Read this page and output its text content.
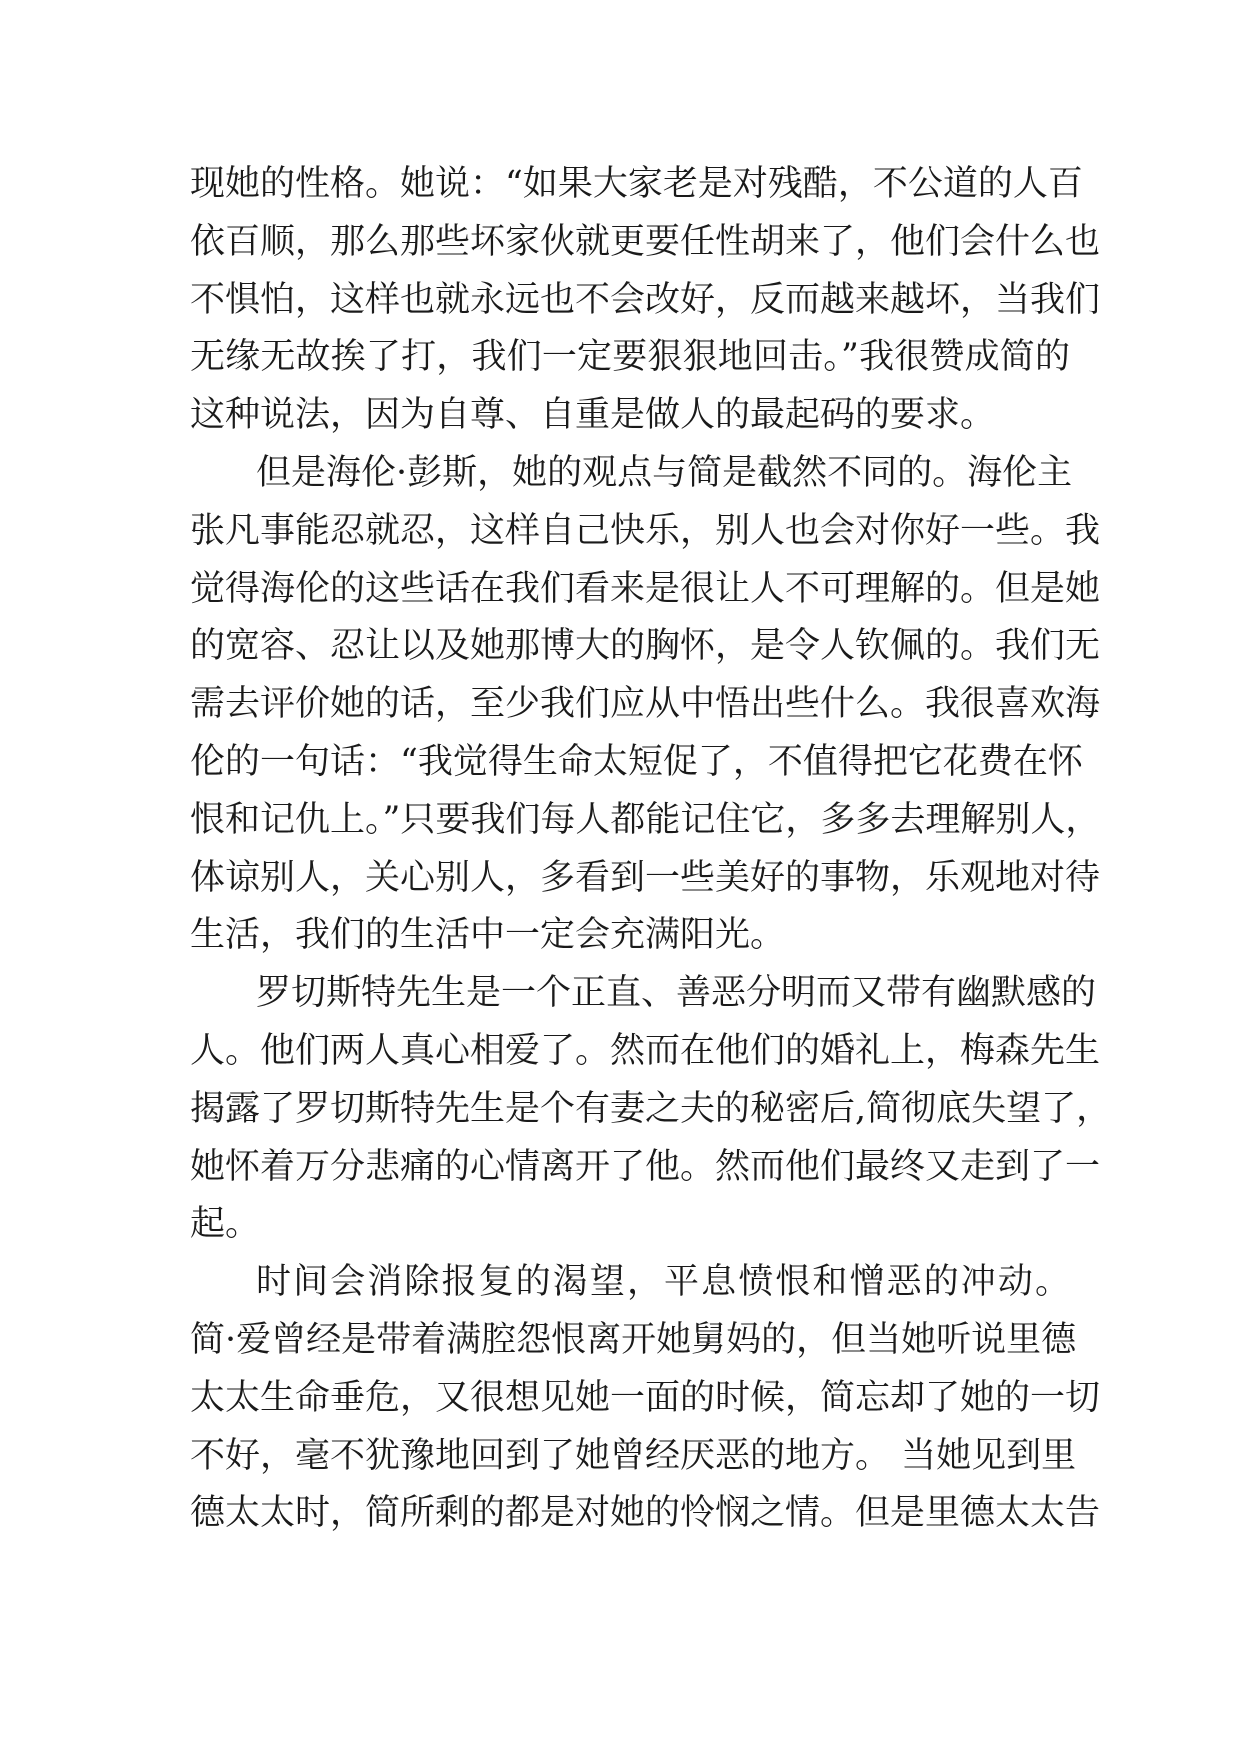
现她的性格。她说：“如果大家老是对残酷，不公道的人百
依百顺，那么那些坏家伙就更要任性胡来了，他们会什么也
不惧怕，这样也就永远也不会改好，反而越来越坏，当我们
无缘无故挨了打，我们一定要狠狠地回击。”我很赞成简的
这种说法，因为自尊、自重是做人的最起码的要求。
但是海伦·彭斯，她的观点与简是截然不同的。海伦主
张凡事能忍就忍，这样自己快乐，别人也会对你好一些。我
觉得海伦的这些话在我们看来是很让人不可理解的。但是她
的宽容、忍让以及她那博大的胸怀，是令人钦佩的。我们无
需去评价她的话，至少我们应从中悟出些什么。我很喜欢海
伦的一句话：“我觉得生命太短促了，不值得把它花费在怀
恨和记仇上。”只要我们每人都能记住它，多多去理解别人，
体谅别人，关心别人，多看到一些美好的事物，乐观地对待
生活，我们的生活中一定会充满阳光。
罗切斯特先生是一个正直、善恶分明而又带有幽默感的
人。他们两人真心相爱了。然而在他们的婚礼上，梅森先生
揭露了罗切斯特先生是个有妻之夫的秘密后,简彻底失望了，
她怀着万分悲痛的心情离开了他。然而他们最终又走到了一
起。
时间会消除报复的渴望，平息愤恨和憎恶的冲动。
简·爱曾经是带着满腔怨恨离开她舅妈的，但当她听说里德
太太生命垂危，又很想见她一面的时候，简忘却了她的一切
不好，毫不犹豫地回到了她曾经厌恶的地方。 当她见到里
德太太时，简所剩的都是对她的怜悯之情。但是里德太太告
